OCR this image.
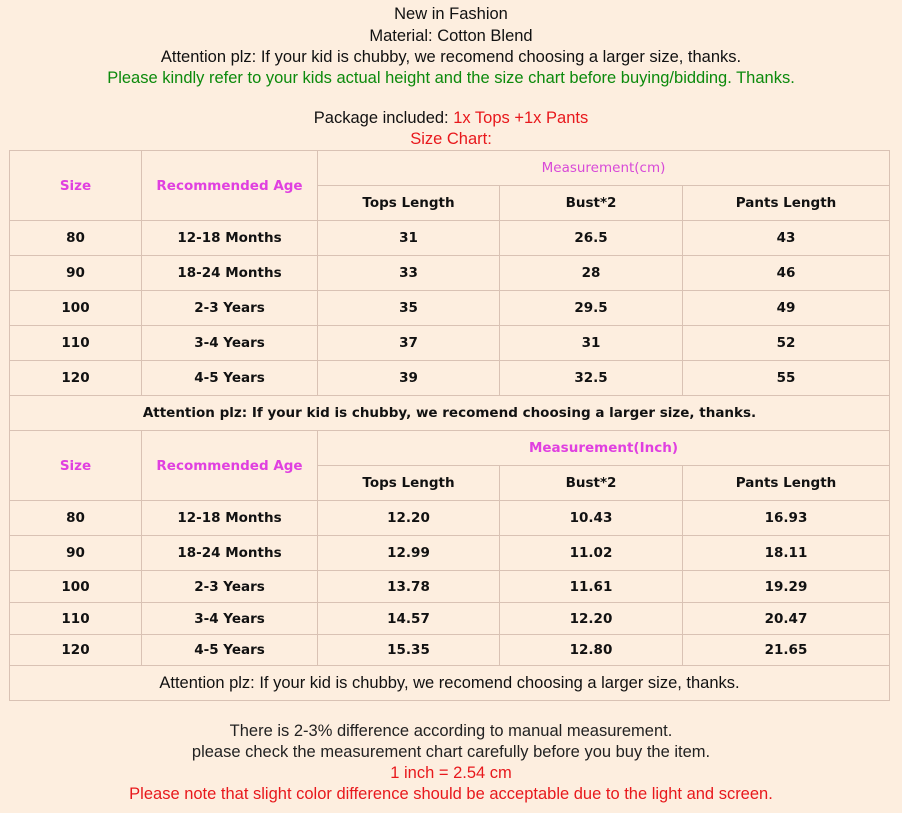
New in Fashion
Material: Cotton Blend
Attention plz: If your kid is chubby, we recomend choosing a larger size, thanks.
Please kindly refer to your kids actual height and the size chart before buying/bidding. Thanks.
Package included: 1x Tops +1x Pants
Size Chart:
Size	Recommended Age	Measurement(cm)		
		Tops Length	Bust*2	Pants Length
80	12-18 Months	31	26.5	43
90	18-24 Months	33	28	46
100	2-3 Years	35	29.5	49
110	3-4 Years	37	31	52
120	4-5 Years	39	32.5	55
Attention plz: If your kid is chubby, we recomend choosing a larger size, thanks.				
Size	Recommended Age	Measurement(Inch)		
		Tops Length	Bust*2	Pants Length
80	12-18 Months	12.20	10.43	16.93
90	18-24 Months	12.99	11.02	18.11
100	2-3 Years	13.78	11.61	19.29
110	3-4 Years	14.57	12.20	20.47
120	4-5 Years	15.35	12.80	21.65
Attention plz: If your kid is chubby, we recomend choosing a larger size, thanks.				
There is 2-3% difference according to manual measurement.
please check the measurement chart carefully before you buy the item.
1 inch = 2.54 cm
Please note that slight color difference should be acceptable due to the light and screen.
